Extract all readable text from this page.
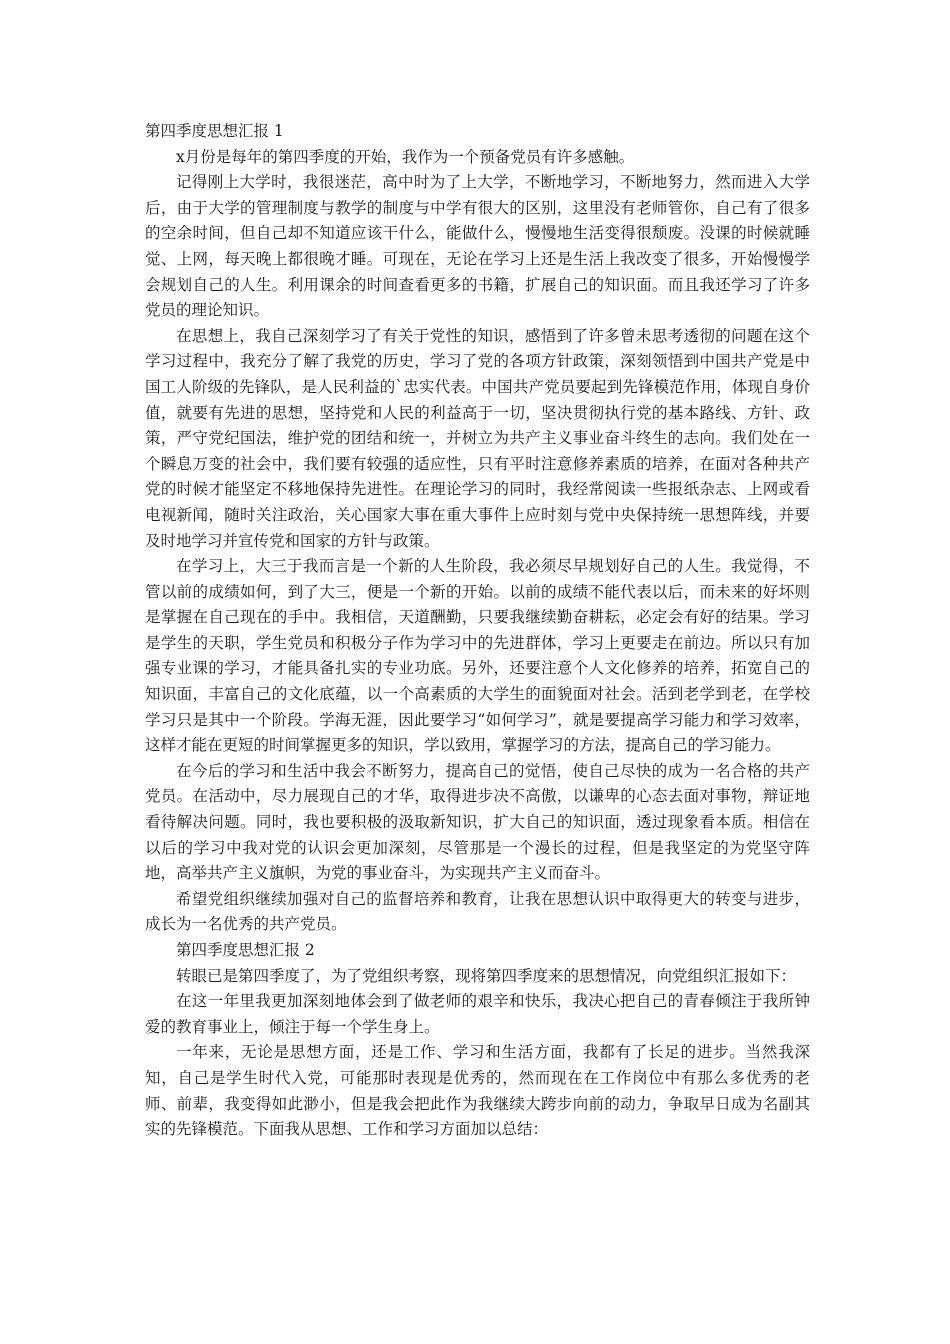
第四季度思想汇报 1

x月份是每年的第四季度的开始，我作为一个预备党员有许多感触。

记得刚上大学时，我很迷茫，高中时为了上大学，不断地学习，不断地努力，然而进入大学后，由于大学的管理制度与教学的制度与中学有很大的区别，这里没有老师管你，自己有了很多的空余时间，但自己却不知道应该干什么，能做什么，慢慢地生活变得很颓废。没课的时候就睡觉、上网，每天晚上都很晚才睡。可现在，无论在学习上还是生活上我改变了很多，开始慢慢学会规划自己的人生。利用课余的时间查看更多的书籍，扩展自己的知识面。而且我还学习了许多党员的理论知识。

在思想上，我自己深刻学习了有关于党性的知识，感悟到了许多曾未思考透彻的问题在这个学习过程中，我充分了解了我党的历史，学习了党的各项方针政策，深刻领悟到中国共产党是中国工人阶级的先锋队，是人民利益的`忠实代表。中国共产党员要起到先锋模范作用，体现自身价值，就要有先进的思想，坚持党和人民的利益高于一切，坚决贯彻执行党的基本路线、方针、政策，严守党纪国法，维护党的团结和统一，并树立为共产主义事业奋斗终生的志向。我们处在一个瞬息万变的社会中，我们要有较强的适应性，只有平时注意修养素质的培养，在面对各种共产党的时候才能坚定不移地保持先进性。在理论学习的同时，我经常阅读一些报纸杂志、上网或看电视新闻，随时关注政治，关心国家大事在重大事件上应时刻与党中央保持统一思想阵线，并要及时地学习并宣传党和国家的方针与政策。

在学习上，大三于我而言是一个新的人生阶段，我必须尽早规划好自己的人生。我觉得，不管以前的成绩如何，到了大三，便是一个新的开始。以前的成绩不能代表以后，而未来的好坏则是掌握在自己现在的手中。我相信，天道酬勤，只要我继续勤奋耕耘，必定会有好的结果。学习是学生的天职，学生党员和积极分子作为学习中的先进群体，学习上更要走在前边。所以只有加强专业课的学习，才能具备扎实的专业功底。另外，还要注意个人文化修养的培养，拓宽自己的知识面，丰富自己的文化底蕴，以一个高素质的大学生的面貌面对社会。活到老学到老，在学校学习只是其中一个阶段。学海无涯，因此要学习“如何学习”，就是要提高学习能力和学习效率，这样才能在更短的时间掌握更多的知识，学以致用，掌握学习的方法，提高自己的学习能力。

在今后的学习和生活中我会不断努力，提高自己的觉悟，使自己尽快的成为一名合格的共产党员。在活动中，尽力展现自己的才华，取得进步决不高傲，以谦卑的心态去面对事物，辩证地看待解决问题。同时，我也要积极的汲取新知识，扩大自己的知识面，透过现象看本质。相信在以后的学习中我对党的认识会更加深刻，尽管那是一个漫长的过程，但是我坚定的为党坚守阵地，高举共产主义旗帜，为党的事业奋斗，为实现共产主义而奋斗。

希望党组织继续加强对自己的监督培养和教育，让我在思想认识中取得更大的转变与进步，成长为一名优秀的共产党员。

第四季度思想汇报 2

转眼已是第四季度了，为了党组织考察，现将第四季度来的思想情况，向党组织汇报如下：

在这一年里我更加深刻地体会到了做老师的艰辛和快乐，我决心把自己的青春倾注于我所钟爱的教育事业上，倾注于每一个学生身上。

一年来，无论是思想方面，还是工作、学习和生活方面，我都有了长足的进步。当然我深知，自己是学生时代入党，可能那时表现是优秀的，然而现在在工作岗位中有那么多优秀的老师、前辈，我变得如此渺小，但是我会把此作为我继续大跨步向前的动力，争取早日成为名副其实的先锋模范。下面我从思想、工作和学习方面加以总结：
